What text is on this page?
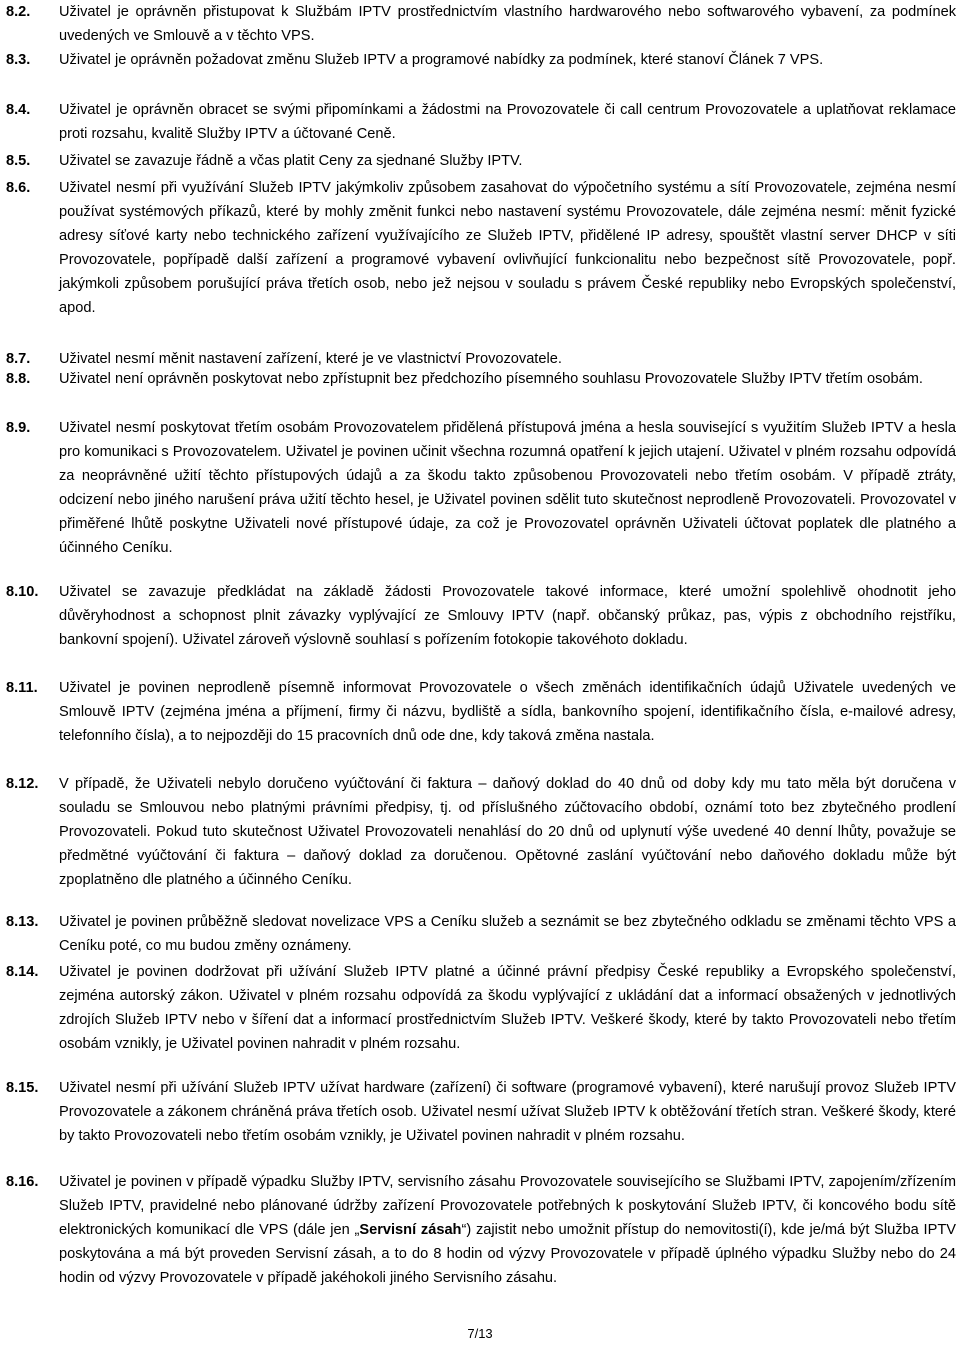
8.2.	Uživatel je oprávněn přistupovat k Službám IPTV prostřednictvím vlastního hardwarového nebo softwarového vybavení, za podmínek uvedených ve Smlouvě a v těchto VPS.
8.3.	Uživatel je oprávněn požadovat změnu Služeb IPTV a programové nabídky za podmínek, které stanoví Článek 7 VPS.
8.4.	Uživatel je oprávněn obracet se svými připomínkami a žádostmi na Provozovatele či call centrum Provozovatele a uplatňovat reklamace proti rozsahu, kvalitě Služby IPTV a účtované Ceně.
8.5.	Uživatel se zavazuje řádně a včas platit Ceny za sjednané Služby IPTV.
8.6.	Uživatel nesmí při využívání Služeb IPTV jakýmkoliv způsobem zasahovat do výpočetního systému a sítí Provozovatele, zejména nesmí používat systémových příkazů, které by mohly změnit funkci nebo nastavení systému Provozovatele, dále zejména nesmí: měnit fyzické adresy síťové karty nebo technického zařízení využívajícího ze Služeb IPTV, přidělené IP adresy, spouštět vlastní server DHCP v síti Provozovatele, popřípadě další zařízení a programové vybavení ovlivňující funkcionalitu nebo bezpečnost sítě Provozovatele, popř. jakýmkoli způsobem porušující práva třetích osob, nebo jež nejsou v souladu s právem České republiky nebo Evropských společenství, apod.
8.7.	Uživatel nesmí měnit nastavení zařízení, které je ve vlastnictví Provozovatele.
8.8.	Uživatel není oprávněn poskytovat nebo zpřístupnit bez předchozího písemného souhlasu Provozovatele Služby IPTV třetím osobám.
8.9.	Uživatel nesmí poskytovat třetím osobám Provozovatelem přidělená přístupová jména a hesla související s využitím Služeb IPTV a hesla pro komunikaci s Provozovatelem. Uživatel je povinen učinit všechna rozumná opatření k jejich utajení. Uživatel v plném rozsahu odpovídá za neoprávněné užití těchto přístupových údajů a za škodu takto způsobenou Provozovateli nebo třetím osobám. V případě ztráty, odcizení nebo jiného narušení práva užití těchto hesel, je Uživatel povinen sdělit tuto skutečnost neprodleně Provozovateli. Provozovatel v přiměřené lhůtě poskytne Uživateli nové přístupové údaje, za což je Provozovatel oprávněn Uživateli účtovat poplatek dle platného a účinného Ceníku.
8.10.	Uživatel se zavazuje předkládat na základě žádosti Provozovatele takové informace, které umožní spolehlivě ohodnotit jeho důvěryhodnost a schopnost plnit závazky vyplývající ze Smlouvy IPTV (např. občanský průkaz, pas, výpis z obchodního rejstříku, bankovní spojení). Uživatel zároveň výslovně souhlasí s pořízením fotokopie takovéhoto dokladu.
8.11.	Uživatel je povinen neprodleně písemně informovat Provozovatele o všech změnách identifikačních údajů Uživatele uvedených ve Smlouvě IPTV (zejména jména a příjmení, firmy či názvu, bydliště a sídla, bankovního spojení, identifikačního čísla, e-mailové adresy, telefonního čísla), a to nejpozději do 15 pracovních dnů ode dne, kdy taková změna nastala.
8.12.	V případě, že Uživateli nebylo doručeno vyúčtování či faktura – daňový doklad do 40 dnů od doby kdy mu tato měla být doručena v souladu se Smlouvou nebo platnými právními předpisy, tj. od příslušného zúčtovacího období, oznámí toto bez zbytečného prodlení Provozovateli. Pokud tuto skutečnost Uživatel Provozovateli nenahlásí do 20 dnů od uplynutí výše uvedené 40 denní lhůty, považuje se předmětné vyúčtování či faktura – daňový doklad za doručenou. Opětovné zaslání vyúčtování nebo daňového dokladu může být zpoplatněno dle platného a účinného Ceníku.
8.13.	Uživatel je povinen průběžně sledovat novelizace VPS a Ceníku služeb a seznámit se bez zbytečného odkladu se změnami těchto VPS a Ceníku poté, co mu budou změny oznámeny.
8.14.	Uživatel je povinen dodržovat při užívání Služeb IPTV platné a účinné právní předpisy České republiky a Evropského společenství, zejména autorský zákon. Uživatel v plném rozsahu odpovídá za škodu vyplývající z ukládání dat a informací obsažených v jednotlivých zdrojích Služeb IPTV nebo v šíření dat a informací prostřednictvím Služeb IPTV. Veškeré škody, které by takto Provozovateli nebo třetím osobám vznikly, je Uživatel povinen nahradit v plném rozsahu.
8.15.	Uživatel nesmí při užívání Služeb IPTV užívat hardware (zařízení) či software (programové vybavení), které narušují provoz Služeb IPTV Provozovatele a zákonem chráněná práva třetích osob. Uživatel nesmí užívat Služeb IPTV k obtěžování třetích stran. Veškeré škody, které by takto Provozovateli nebo třetím osobám vznikly, je Uživatel povinen nahradit v plném rozsahu.
8.16.	Uživatel je povinen v případě výpadku Služby IPTV, servisního zásahu Provozovatele souvisejícího se Službami IPTV, zapojením/zřízením Služeb IPTV, pravidelné nebo plánované údržby zařízení Provozovatele potřebných k poskytování Služeb IPTV, či koncového bodu sítě elektronických komunikací dle VPS (dále jen „Servisní zásah“) zajistit nebo umožnit přístup do nemovitosti(í), kde je/má být Služba IPTV poskytována a má být proveden Servisní zásah, a to do 8 hodin od výzvy Provozovatele v případě úplného výpadku Služby nebo do 24 hodin od výzvy Provozovatele v případě jakéhokoli jiného Servisního zásahu.
7/13
